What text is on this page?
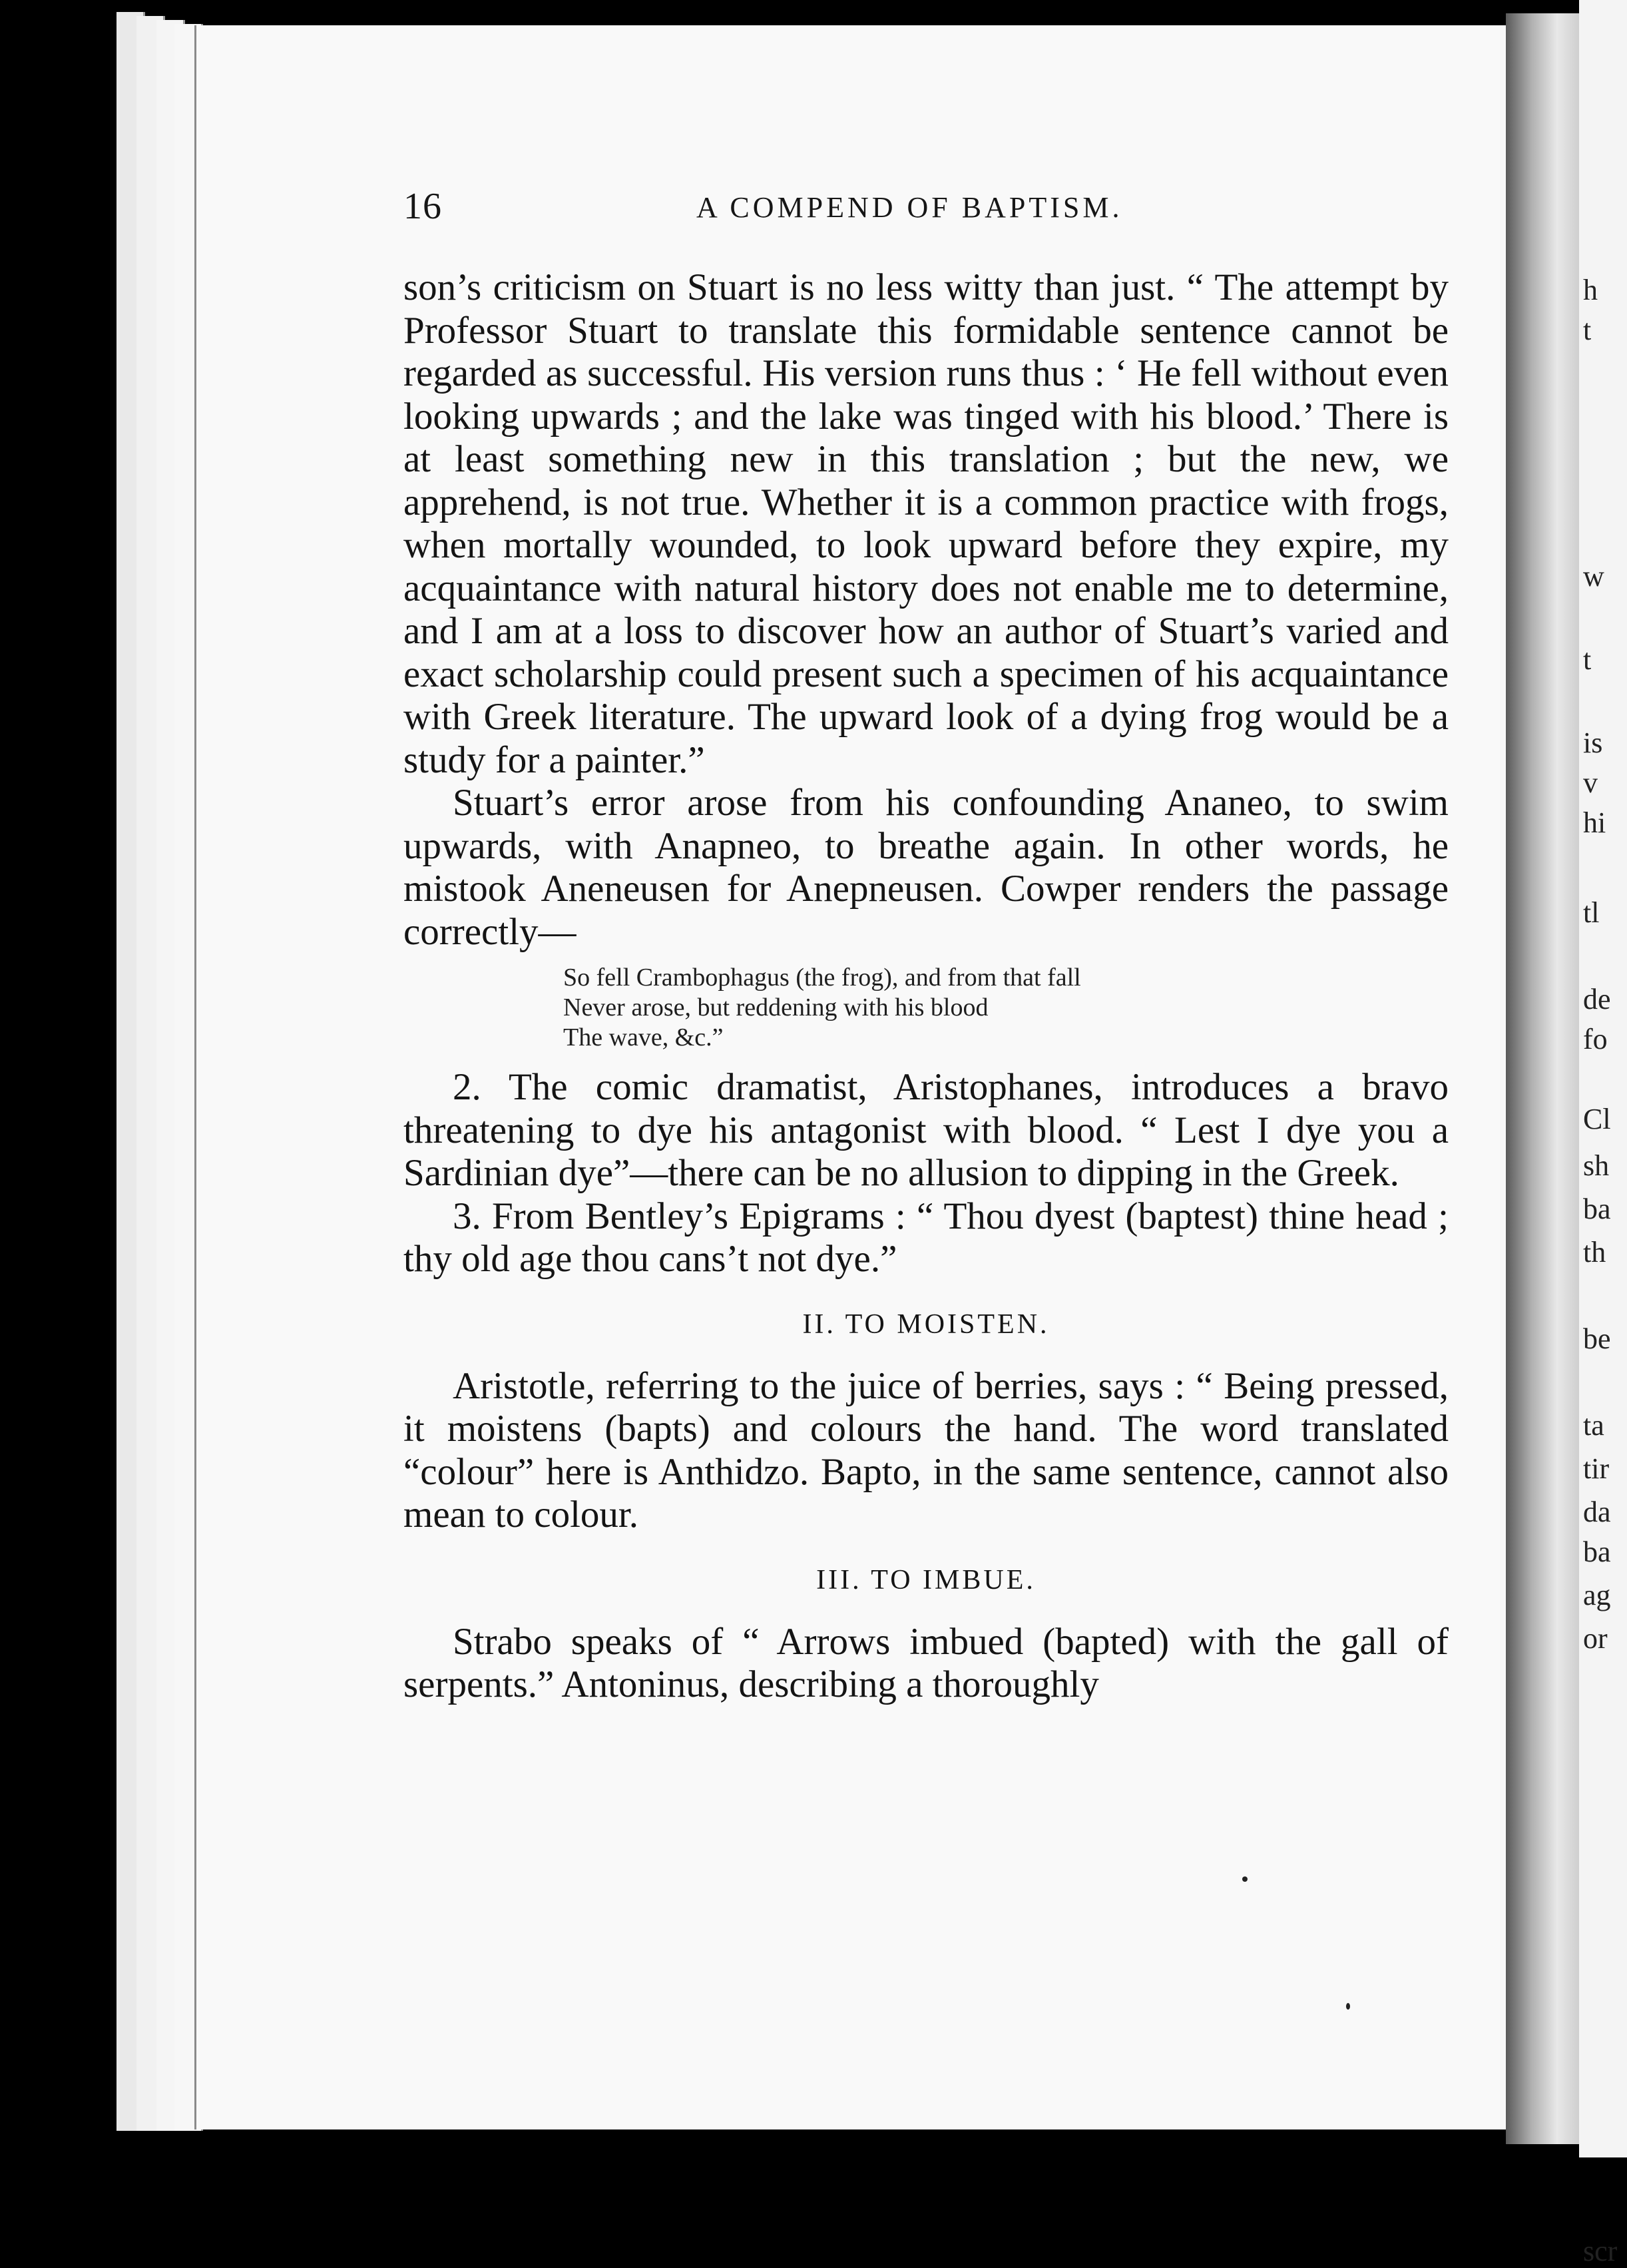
h
t
w
t
is
v
hi
tl
de
fo
Cl
sh
ba
th
be
ta
tir
da
ba
ag
or
scr
16	A COMPEND OF BAPTISM.

son’s criticism on Stuart is no less witty than just. “ The attempt by Professor Stuart to translate this formidable sentence cannot be regarded as successful. His version runs thus : ‘ He fell without even looking upwards ; and the lake was tinged with his blood.’ There is at least something new in this translation ; but the new, we apprehend, is not true. Whether it is a common practice with frogs, when mortally wounded, to look upward before they expire, my acquaintance with natural history does not enable me to determine, and I am at a loss to discover how an author of Stuart’s varied and exact scholarship could present such a specimen of his acquaintance with Greek literature. The upward look of a dying frog would be a study for a painter.”

Stuart’s error arose from his confounding Ananeo, to swim upwards, with Anapneo, to breathe again. In other words, he mistook Aneneusen for Anepneusen. Cowper renders the passage correctly—

So fell Crambophagus (the frog), and from that fall
Never arose, but reddening with his blood
The wave, &c.”

2. The comic dramatist, Aristophanes, introduces a bravo threatening to dye his antagonist with blood. “ Lest I dye you a Sardinian dye”—there can be no allusion to dipping in the Greek.

3. From Bentley’s Epigrams : “ Thou dyest (baptest) thine head ; thy old age thou cans’t not dye.”

II. TO MOISTEN.

Aristotle, referring to the juice of berries, says : “ Being pressed, it moistens (bapts) and colours the hand. The word translated “colour” here is Anthidzo. Bapto, in the same sentence, cannot also mean to colour.

III. TO IMBUE.

Strabo speaks of “ Arrows imbued (bapted) with the gall of serpents.” Antoninus, describing a thoroughly
